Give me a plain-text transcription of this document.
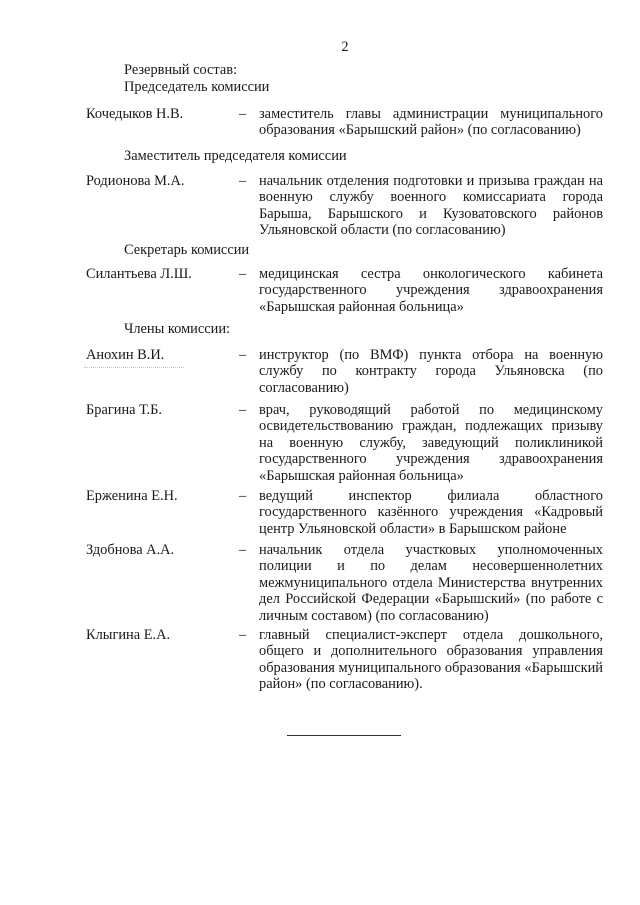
2
Резервный состав:
Председатель комиссии
Кочедыков Н.В.	– заместитель главы администрации муниципального образования «Барышский район» (по согласованию)
Заместитель председателя комиссии
Родионова М.А.	– начальник отделения подготовки и призыва граждан на военную службу военного комиссариата города Барыша, Барышского и Кузоватовского районов Ульяновской области (по согласованию)
Секретарь комиссии
Силантьева Л.Ш.	– медицинская сестра онкологического кабинета государственного учреждения здравоохранения «Барышская районная больница»
Члены комиссии:
Анохин В.И.	– инструктор (по ВМФ) пункта отбора на военную службу по контракту города Ульяновска (по согласованию)
Брагина Т.Б.	– врач, руководящий работой по медицинскому освидетельствованию граждан, подлежащих призыву на военную службу, заведующий поликлиникой государственного учреждения здравоохранения «Барышская районная больница»
Ерженина Е.Н.	– ведущий инспектор филиала областного государственного казённого учреждения «Кадровый центр Ульяновской области» в Барышском районе
Здобнова А.А.	– начальник отдела участковых уполномоченных полиции и по делам несовершеннолетних межмуниципального отдела Министерства внутренних дел Российской Федерации «Барышский» (по работе с личным составом) (по согласованию)
Клыгина Е.А.	– главный специалист-эксперт отдела дошкольного, общего и дополнительного образования управления образования муниципального образования «Барышский район» (по согласованию).
